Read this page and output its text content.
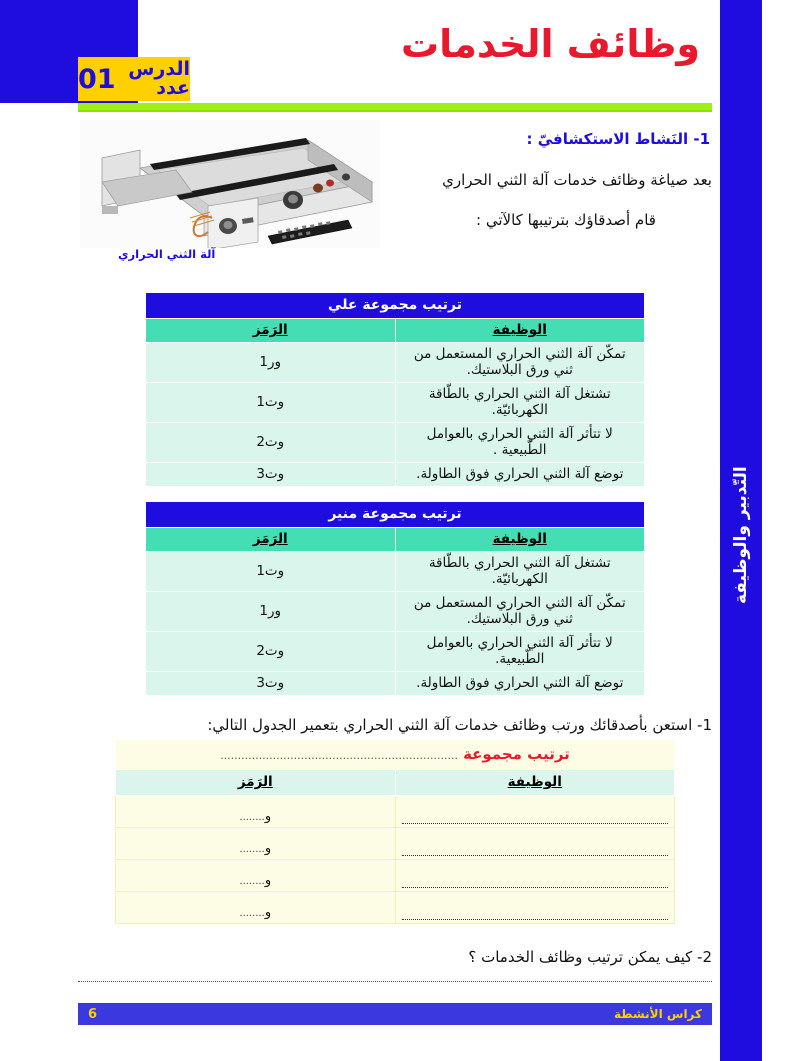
وظائف الخدمات
الدرس عدد
01
التّدبير والوظيفة
1- النَشاط الاستكشافيّ :
بعد صياغة وظائف خدمات آلة الثني الحراري
قام أصدقاؤك بترتيبها كالآتي :
آلة الثني الحراري
ترتيب مجموعة علي	
الوظيفة	الرَمَز
تمكّن آلة الثني الحراري المستعمل من ثني ورق البلاستيك.	ور1
تشتغل آلة الثني الحراري بالطّاقة الكهربائيّة.	وت1
لا تتأثر آلة الثني الحراري بالعوامل الطّبيعية .	وت2
توضع آلة الثني الحراري فوق الطاولة.	وت3
ترتيب مجموعة منير	
الوظيفة	الرَمَز
تشتغل آلة الثني الحراري بالطّاقة الكهربائيّة.	وت1
تمكّن آلة الثني الحراري المستعمل من ثني ورق البلاستيك.	ور1
لا تتأثر آلة الثني الحراري بالعوامل الطّبيعية.	وت2
توضع آلة الثني الحراري فوق الطاولة.	وت3
1- استعن بأصدقائك ورتب وظائف خدمات آلة الثني الحراري بتعمير الجدول التالي:
ترتيب مجموعة ....................................................................	
الوظيفة	الرَمَز

	و........

	و........

	و........

	و........
2- كيف يمكن ترتيب وظائف الخدمات ؟
كراس الأنشطة
6
